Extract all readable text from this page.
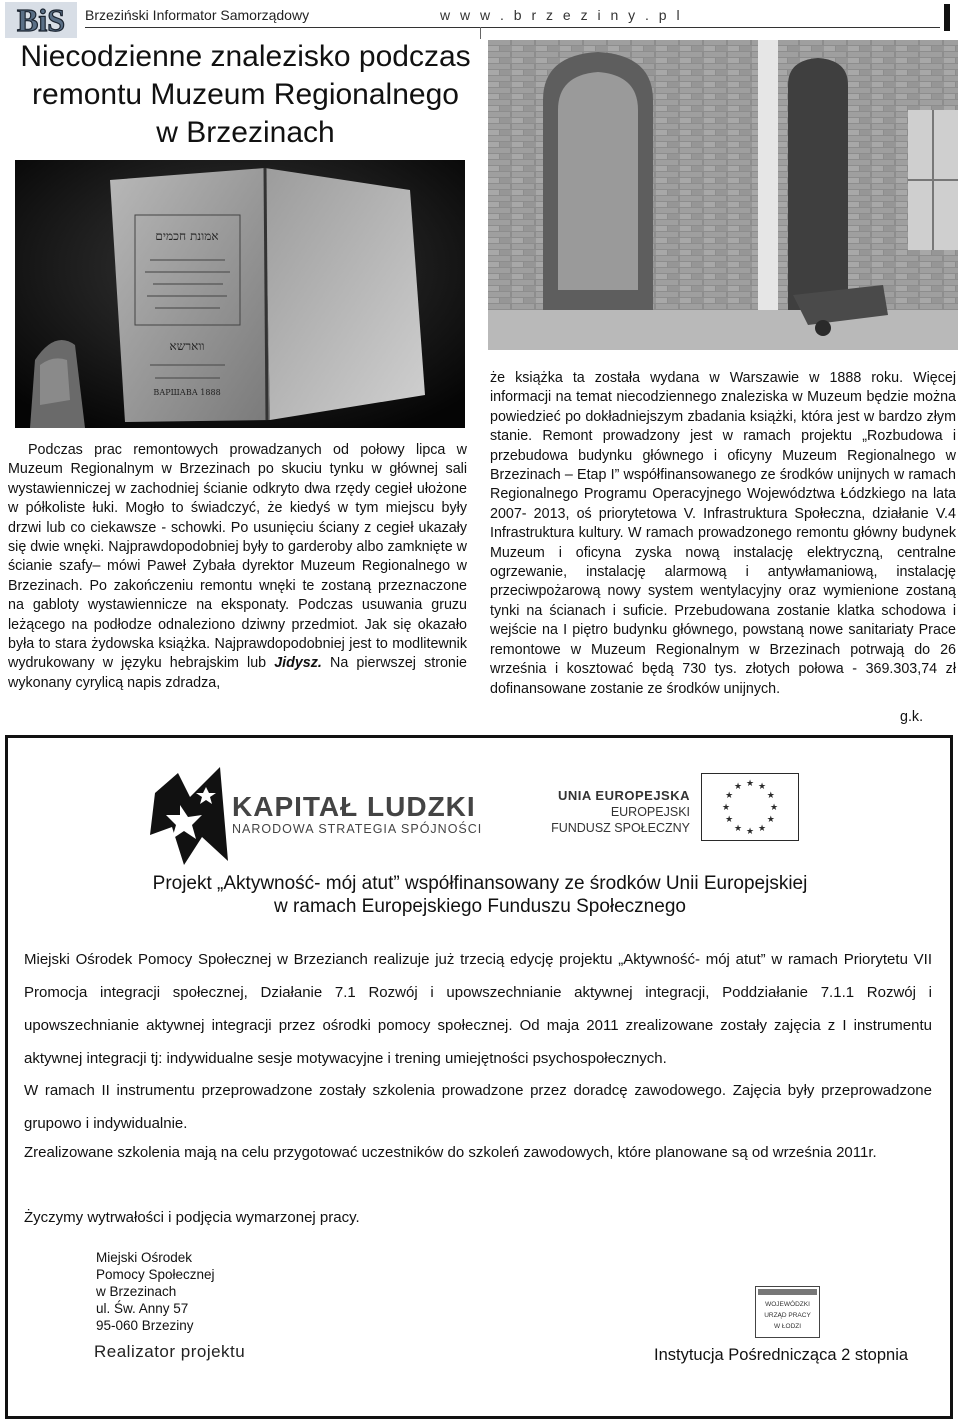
BiS Brzeziński Informator Samorządowy	w w w . b r z e z i n y . p l
Niecodzienne znalezisko podczas remontu Muzeum Regionalnego w Brzezinach
אמונת חכמים
ווארשא
ВАРШАВА 1888
Podczas prac remontowych prowadzanych od połowy lipca w Muzeum Regionalnym w Brzezinach po skuciu tynku w głównej sali wystawienniczej w zachodniej ścianie odkryto dwa rzędy cegieł ułożone w półkoliste łuki. Mogło to świadczyć, że kiedyś w tym miejscu były drzwi lub co ciekawsze - schowki. Po usunięciu ściany z cegieł ukazały się dwie wnęki. Najprawdopodobniej były to garderoby albo zamknięte w ścianie szafy– mówi Paweł Zybała dyrektor Muzeum Regionalnego w Brzezinach. Po zakończeniu remontu wnęki te zostaną przeznaczone na gabloty wystawiennicze na eksponaty. Podczas usuwania gruzu leżącego na podłodze odnaleziono dziwny przedmiot. Jak się okazało była to stara żydowska książka. Najprawdopodobniej jest to modlitewnik wydrukowany w języku hebrajskim lub Jidysz. Na pierwszej stronie wykonany cyrylicą napis zdradza,
że książka ta została wydana w Warszawie w 1888 roku. Więcej informacji na temat niecodziennego znaleziska w Muzeum będzie można powiedzieć po dokładniejszym zbadania książki, która jest w bardzo złym stanie. Remont prowadzony jest w ramach projektu „Rozbudowa i przebudowa budynku głównego i oficyny Muzeum Regionalnego w Brzezinach – Etap I” współfinansowanego ze środków unijnych w ramach Regionalnego Programu Operacyjnego Województwa Łódzkiego na lata 2007- 2013, oś priorytetowa V. Infrastruktura Społeczna, działanie V.4 Infrastruktura kultury. W ramach prowadzonego remontu główny budynek Muzeum i oficyna zyska nową instalację elektryczną, centralne ogrzewanie, instalację alarmową i antywłamaniową, instalację przeciwpożarową nowy system wentylacyjny oraz wymienione zostaną tynki na ścianach i suficie. Przebudowana zostanie klatka schodowa i wejście na I piętro budynku głównego, powstaną nowe sanitariaty Prace remontowe w Muzeum Regionalnym w Brzezinach potrwają do 26 września i kosztować będą 730 tys. złotych połowa - 369.303,74 zł dofinansowane zostanie ze środków unijnych.
g.k.
KAPITAŁ LUDZKI
NARODOWA STRATEGIA SPÓJNOŚCI
UNIA EUROPEJSKA
EUROPEJSKI
FUNDUSZ SPOŁECZNY
★ ★
★
★
★
★
★
★
★
★
★
★
Projekt „Aktywność- mój atut” współfinansowany ze środków Unii Europejskiej
w ramach Europejskiego Funduszu Społecznego
Miejski Ośrodek Pomocy Społecznej w Brzezianch realizuje już trzecią edycję projektu „Aktywność- mój atut” w ramach Priorytetu VII Promocja integracji społecznej, Działanie 7.1 Rozwój i upowszechnianie aktywnej integracji, Poddziałanie 7.1.1 Rozwój i upowszechnianie aktywnej integracji przez ośrodki pomocy społecznej. Od maja 2011 zrealizowane zostały zajęcia z I instrumentu aktywnej integracji tj: indywidualne sesje motywacyjne i trening umiejętności psychospołecznych.
W ramach II instrumentu przeprowadzone zostały szkolenia prowadzone przez doradcę zawodowego. Zajęcia były przeprowadzone grupowo i indywidualnie.
Zrealizowane szkolenia mają na celu przygotować uczestników do szkoleń zawodowych, które planowane są od września 2011r.
Życzymy wytrwałości i podjęcia wymarzonej pracy.
Miejski Ośrodek
Pomocy Społecznej
w Brzezinach
ul. Św. Anny 57
95-060 Brzeziny
Realizator projektu
WOJEWÓDZKI
URZĄD PRACY
W ŁODZI
Instytucja Pośrednicząca 2 stopnia
